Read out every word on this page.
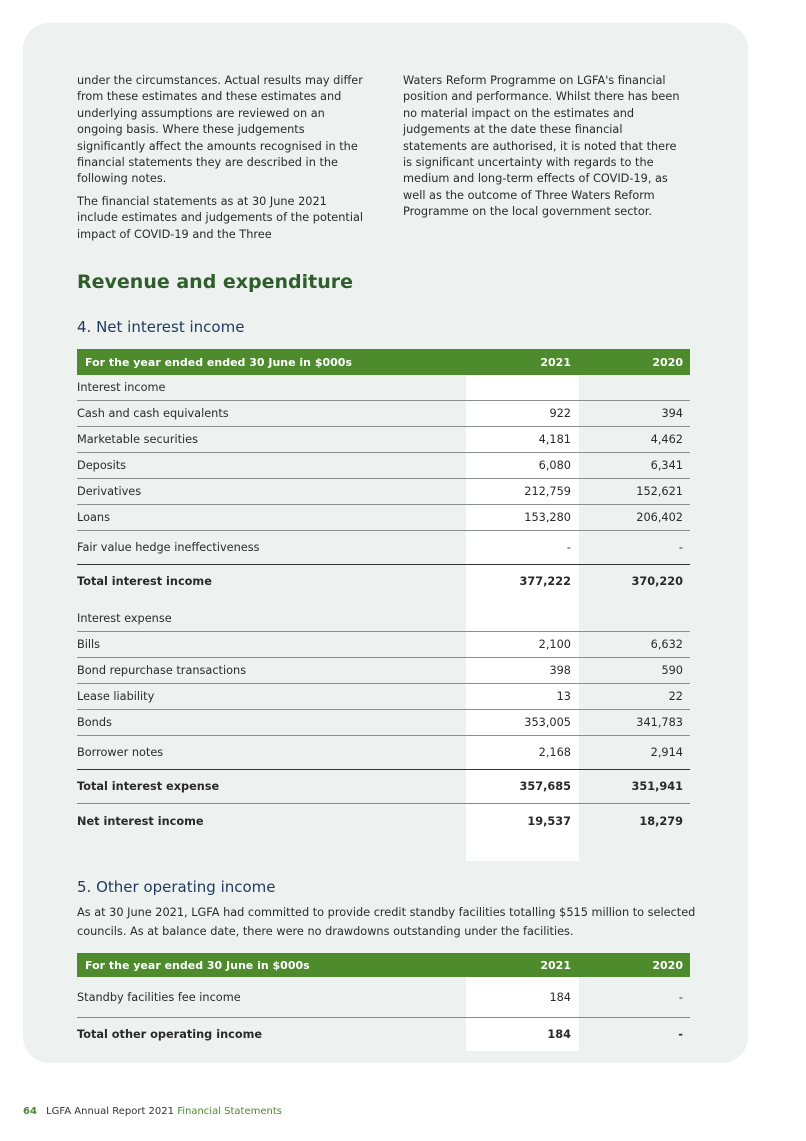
under the circumstances. Actual results may differ from these estimates and these estimates and underlying assumptions are reviewed on an ongoing basis. Where these judgements significantly affect the amounts recognised in the financial statements they are described in the following notes.

The financial statements as at 30 June 2021 include estimates and judgements of the potential impact of COVID-19 and the Three

Waters Reform Programme on LGFA's financial position and performance. Whilst there has been no material impact on the estimates and judgements at the date these financial statements are authorised, it is noted that there is significant uncertainty with regards to the medium and long-term effects of COVID-19, as well as the outcome of Three Waters Reform Programme on the local government sector.

Revenue and expenditure
4. Net interest income
For the year ended ended 30 June in $000s	2021	2020
Interest income
Cash and cash equivalents	922	394
Marketable securities	4,181	4,462
Deposits	6,080	6,341
Derivatives	212,759	152,621
Loans	153,280	206,402
Fair value hedge ineffectiveness	-	-
Total interest income	377,222	370,220
Interest expense
Bills	2,100	6,632
Bond repurchase transactions	398	590
Lease liability	13	22
Bonds	353,005	341,783
Borrower notes	2,168	2,914
Total interest expense	357,685	351,941
Net interest income	19,537	18,279
5. Other operating income

As at 30 June 2021, LGFA had committed to provide credit standby facilities totalling $515 million to selected councils. As at balance date, there were no drawdowns outstanding under the facilities.

For the year ended 30 June in $000s	2021	2020
Standby facilities fee income	184	-
Total other operating income	184	-
64 LGFA Annual Report 2021 Financial Statements
